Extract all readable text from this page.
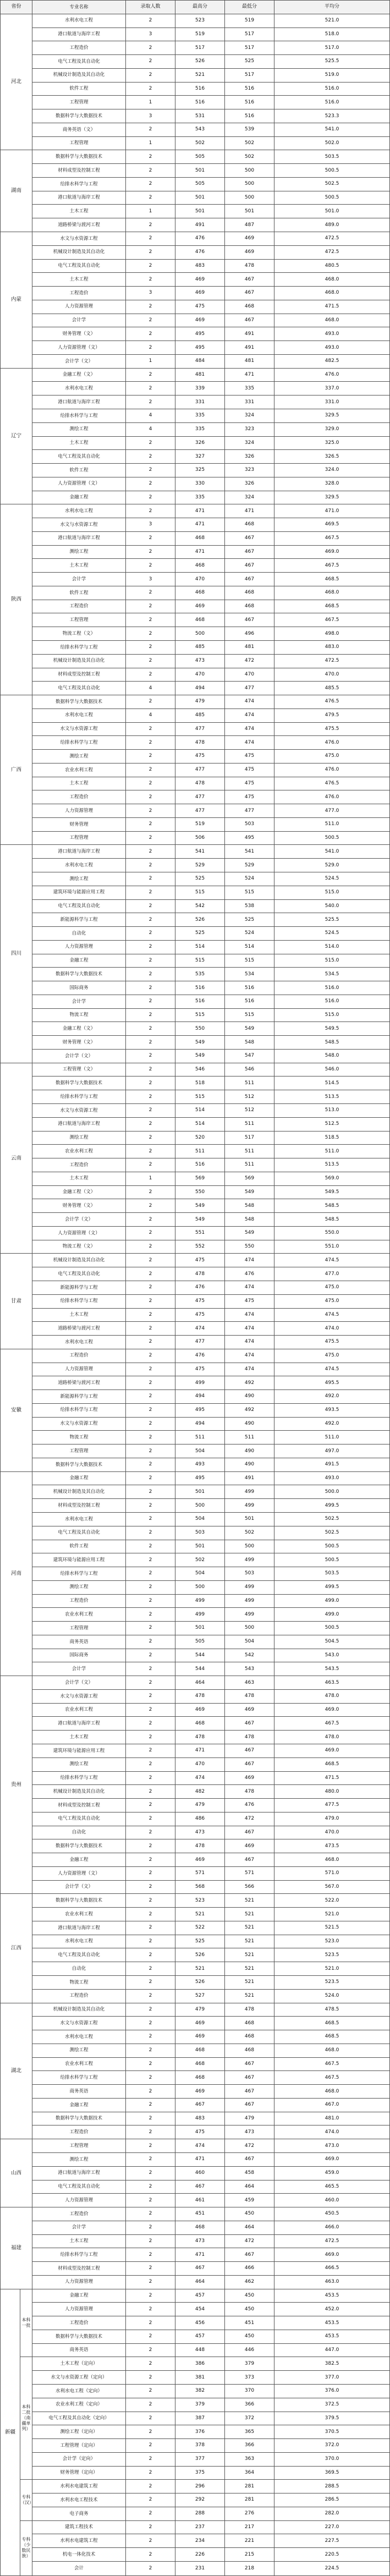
省份		专业名称	录取人数	最高分	最低分	平均分
河北		水利水电工程	2	523	519	521.0
		港口航道与海岸工程	3	519	517	518.0
		工程造价	2	517	517	517.0
		电气工程及其自动化	2	526	525	525.5
		机械设计制造及其自动化	2	521	517	519.0
		软件工程	2	516	516	516.0
		工程管理	1	516	516	516.0
		数据科学与大数据技术	3	531	516	523.3
		商务英语（文）	2	543	539	541.0
		工程管理	1	502	502	502.0
湖南		数据科学与大数据技术	2	505	502	503.5
		材料成型及控制工程	2	501	500	500.5
		给排水科学与工程	2	505	500	502.5
		港口航道与海岸工程	2	501	500	500.5
		土木工程	1	501	501	501.0
		道路桥梁与渡河工程	2	491	487	489.0
内蒙		水文与水资源工程	2	476	469	472.5
		机械设计制造及其自动化	2	476	469	472.5
		电气工程及其自动化	2	483	478	480.5
		土木工程	2	469	467	468.0
		工程造价	3	469	467	468.0
		人力资源管理	2	475	468	471.5
		会计学	2	469	467	468.0
		财务管理（文）	2	495	491	493.0
		人力资源管理（文）	2	495	491	493.0
		会计学（文）	1	484	481	482.5
辽宁		金融工程（文）	2	481	471	476.0
		水利水电工程	2	339	335	337.0
		港口航道与海岸工程	2	331	331	331.0
		给排水科学与工程	4	335	324	329.5
		测绘工程	4	335	323	329.0
		土木工程	2	326	324	325.0
		电气工程及其自动化	2	327	326	326.5
		软件工程	2	325	323	324.0
		人力资源管理（文）	2	330	326	328.0
		金融工程	2	335	324	329.5
陕西		水利水电工程	2	471	471	471.0
		水文与水资源工程	3	471	468	469.5
		港口航道与海岸工程	2	468	467	467.5
		测绘工程	2	471	467	469.0
		土木工程	2	468	467	467.5
		会计学	3	470	467	468.5
		软件工程	2	468	468	468.0
		工程造价	2	469	468	468.5
		工程管理	2	468	467	467.5
		物流工程（文）	2	500	496	498.0
		给排水科学与工程	2	485	481	483.0
		机械设计制造及其自动化	2	473	472	472.5
		材料成型及控制工程	2	470	470	470.0
		电气工程及其自动化	4	494	477	485.5
广西		数据科学与大数据技术	2	479	474	476.5
		水利水电工程	4	485	474	479.5
		水文与水资源工程	2	477	474	475.5
		给排水科学与工程	2	478	474	476.0
		测绘工程	2	475	475	475.0
		农业水利工程	2	477	475	476.0
		土木工程	2	478	475	476.5
		工程造价	2	477	475	476.0
		人力资源管理	2	477	477	477.0
		财务管理	2	519	503	511.0
		工程管理	2	506	495	500.5
四川		港口航道与海岸工程	2	541	541	541.0
		水利水电工程	2	529	529	529.0
		测绘工程	2	525	524	524.5
		建筑环境与能源应用工程	2	515	515	515.0
		电气工程及其自动化	2	542	538	540.0
		新能源科学与工程	2	526	525	525.5
		自动化	2	525	524	524.5
		人力资源管理	2	514	514	514.0
		金融工程	2	515	515	515.0
		数据科学与大数据技术	2	535	534	534.5
		国际商务	2	516	516	516.0
		会计学	2	516	516	516.0
		物流工程	2	515	515	515.0
		金融工程（文）	2	550	549	549.5
		财务管理（文）	2	549	548	548.5
		会计学（文）	2	549	547	548.0
云南		工程管理（文）	2	546	546	546.0
		数据科学与大数据技术	2	518	511	514.5
		给排水科学与工程	2	515	512	513.5
		水文与水资源工程	2	514	512	513.0
		港口航道与海岸工程	2	514	511	512.5
		测绘工程	2	520	517	518.5
		农业水利工程	2	511	511	511.0
		工程造价	2	516	511	513.5
		土木工程	1	569	569	569.0
		金融工程（文）	2	550	549	549.5
		财务管理（文）	2	549	548	548.5
		会计学（文）	2	549	548	548.5
		人力资源管理（文）	2	551	549	550.0
		物流工程（文）	2	552	550	551.0
甘肃		机械设计制造及其自动化	2	475	474	474.5
		电气工程及其自动化	2	478	476	477.0
		新能源科学与工程	2	476	474	475.0
		给排水科学与工程	2	475	475	475.0
		土木工程	2	475	474	474.5
		道路桥梁与渡河工程	2	474	474	474.0
		水利水电工程	2	477	474	475.5
安徽		工程造价	2	476	474	475.0
		人力资源管理	2	475	474	474.5
		道路桥梁与渡河工程	2	499	492	495.5
		新能源科学与工程	2	494	490	492.0
		给排水科学与工程	2	495	492	493.5
		水文与水资源工程	2	494	490	492.0
		物流工程	2	511	511	511.0
		工程管理	2	504	490	497.0
		数据科学与大数据技术	2	493	490	491.5
河南		金融工程	2	495	491	493.0
		机械设计制造及其自动化	2	501	499	500.0
		材料成型及控制工程	2	500	499	499.5
		水利水电工程	2	504	501	502.5
		电气工程及其自动化	2	503	502	502.5
		软件工程	2	501	500	500.5
		建筑环境与能源应用工程	2	502	499	500.5
		给排水科学与工程	2	504	503	503.5
		测绘工程	2	500	499	499.5
		工程造价	2	499	499	499.0
		农业水利工程	2	499	499	499.0
		工程管理	2	501	500	500.5
		商务英语	2	505	504	504.5
		国际商务	2	544	542	543.0
		会计学	2	544	543	543.5
贵州		会计学（文）	2	464	463	463.5
		水文与水资源工程	2	478	478	478.0
		农业水利工程	2	469	469	469.0
		港口航道与海岸工程	2	468	467	467.5
		土木工程	2	478	478	478.0
		建筑环境与能源应用工程	2	471	467	469.0
		测绘工程	2	470	467	468.5
		给排水科学与工程	2	474	469	471.5
		机械设计制造及其自动化	2	482	478	480.0
		材料成型及控制工程	2	479	476	477.5
		电气工程及其自动化	2	486	472	479.0
		自动化	2	473	467	470.0
		数据科学与大数据技术	2	478	469	473.5
		金融工程	2	469	467	468.0
		人力资源管理（文）	2	571	571	571.0
		会计学（文）	2	568	566	567.0
江西		数据科学与大数据技术	2	523	521	522.0
		农业水利工程	2	521	521	521.0
		港口航道与海岸工程	2	522	521	521.5
		水利水电工程	2	525	521	523.0
		电气工程及其自动化	2	526	521	523.5
		自动化	2	521	521	521.0
		物流工程	2	526	521	523.5
		工程造价	2	527	521	524.0
湖北		机械设计制造及其自动化	2	479	478	478.5
		水文与水资源工程	2	469	468	468.5
		水利水电工程	2	469	468	468.5
		测绘工程	2	468	468	468.0
		农业水利工程	2	468	467	467.5
		给排水科学与工程	2	468	467	467.5
		商务英语	2	469	467	468.0
		金融工程	2	467	467	467.0
		数据科学与大数据技术	2	483	479	481.0
		工程造价	2	475	473	474.0
山西		工程管理	2	474	472	473.0
		测绘工程	2	471	467	469.0
		港口航道与海岸工程	2	460	458	459.0
		电气工程及其自动化	2	467	464	465.5
		人力资源管理	2	461	459	460.0
福建		工程造价	2	451	450	450.5
		会计学	2	468	464	466.0
		土木工程	2	473	472	472.5
		给排水科学与工程	2	471	467	469.0
		材料成型及控制工程	2	467	466	466.5
		人力资源管理	2	464	462	463.0
新疆	本科一批	金融工程	2	457	450	453.5
		人力资源管理	2	454	450	452.0
		工程造价	2	456	451	453.5
		数据科学与大数据技术	2	457	450	453.5
		商务英语	2	448	446	447.0
	本科二批（南疆单列）	土木工程（定向）	2	386	379	382.5
		水文与水资源工程（定向）	2	381	373	377.0
		水利水电工程（定向）	2	382	370	376.0
		农业水利工程（定向）	2	379	366	372.5
		电气工程及其自动化（定向）	2	387	372	379.5
		测绘工程（定向）	2	376	365	370.5
		工程管理（定向）	2	378	366	372.0
		会计学（定向）	2	377	363	370.0
		财务管理（定向）	2	375	364	369.5
	专科（汉）	水利水电建筑工程	2	296	281	288.5
		水利水电工程技术	2	292	281	286.5
		电子商务	2	288	276	282.0
	专科（少数民族）	建筑工程技术	2	237	217	227.0
		水利水电建筑工程	2	234	221	227.5
		机电一体化技术	2	226	215	220.5
		会计	2	231	218	224.5
